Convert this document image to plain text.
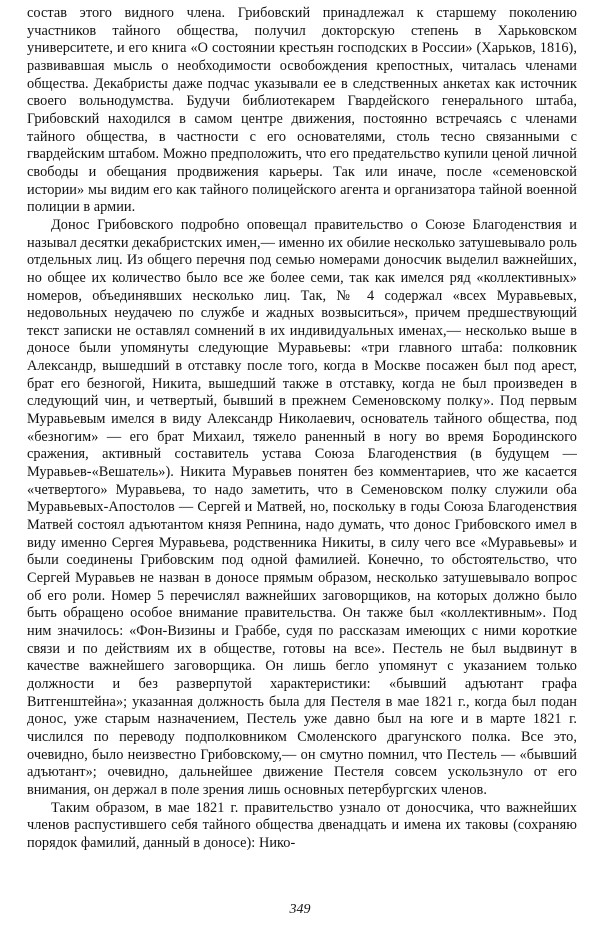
состав этого видного члена. Грибовский принадлежал к старшему поколению участников тайного общества, получил докторскую степень в Харьковском университете, и его книга «О состоянии крестьян господских в России» (Харьков, 1816), развивавшая мысль о необходимости освобождения крепостных, читалась членами общества. Декабристы даже подчас указывали ее в следственных анкетах как источник своего вольнодумства. Будучи библиотекарем Гвардейского генерального штаба, Грибовский находился в самом центре движения, постоянно встречаясь с членами тайного общества, в частности с его основателями, столь тесно связанными с гвардейским штабом. Можно предположить, что его предательство купили ценой личной свободы и обещания продвижения карьеры. Так или иначе, после «семеновской истории» мы видим его как тайного полицейского агента и организатора тайной военной полиции в армии.

Донос Грибовского подробно оповещал правительство о Союзе Благоденствия и называл десятки декабристских имен,— именно их обилие несколько затушевывало роль отдельных лиц. Из общего перечня под семью номерами доносчик выделил важнейших, но общее их количество было все же более семи, так как имелся ряд «коллективных» номеров, объединявших несколько лиц. Так, № 4 содержал «всех Муравьевых, недовольных неудачею по службе и жадных возвыситься», причем предшествующий текст записки не оставлял сомнений в их индивидуальных именах,— несколько выше в доносе были упомянуты следующие Муравьевы: «три главного штаба: полковник Александр, вышедший в отставку после того, когда в Москве посажен был под арест, брат его безногой, Никита, вышедший также в отставку, когда не был произведен в следующий чин, и четвертый, бывший в прежнем Семеновскому полку». Под первым Муравьевым имелся в виду Александр Николаевич, основатель тайного общества, под «безногим» — его брат Михаил, тяжело раненный в ногу во время Бородинского сражения, активный составитель устава Союза Благоденствия (в будущем — Муравьев-«Вешатель»). Никита Муравьев понятен без комментариев, что же касается «четвертого» Муравьева, то надо заметить, что в Семеновском полку служили оба Муравьевых-Апостолов — Сергей и Матвей, но, поскольку в годы Союза Благоденствия Матвей состоял адъютантом князя Репнина, надо думать, что донос Грибовского имел в виду именно Сергея Муравьева, родственника Никиты, в силу чего все «Муравьевы» и были соединены Грибовским под одной фамилией. Конечно, то обстоятельство, что Сергей Муравьев не назван в доносе прямым образом, несколько затушевывало вопрос об его роли. Номер 5 перечислял важнейших заговорщиков, на которых должно было быть обращено особое внимание правительства. Он также был «коллективным». Под ним значилось: «Фон-Визины и Граббе, судя по рассказам имеющих с ними короткие связи и по действиям их в обществе, готовы на все». Пестель не был выдвинут в качестве важнейшего заговорщика. Он лишь бегло упомянут с указанием только должности и без разверпутой характеристики: «бывший адъютант графа Витгенштейна»; указанная должность была для Пестеля в мае 1821 г., когда был подан донос, уже старым назначением, Пестель уже давно был на юге и в марте 1821 г. числился по переводу подполковником Смоленского драгунского полка. Все это, очевидно, было неизвестно Грибовскому,— он смутно помнил, что Пестель — «бывший адъютант»; очевидно, дальнейшее движение Пестеля совсем ускользнуло от его внимания, он держал в поле зрения лишь основных петербургских членов.

Таким образом, в мае 1821 г. правительство узнало от доносчика, что важнейших членов распустившего себя тайного общества двенадцать и имена их таковы (сохраняю порядок фамилий, данный в доносе): Нико-

349
